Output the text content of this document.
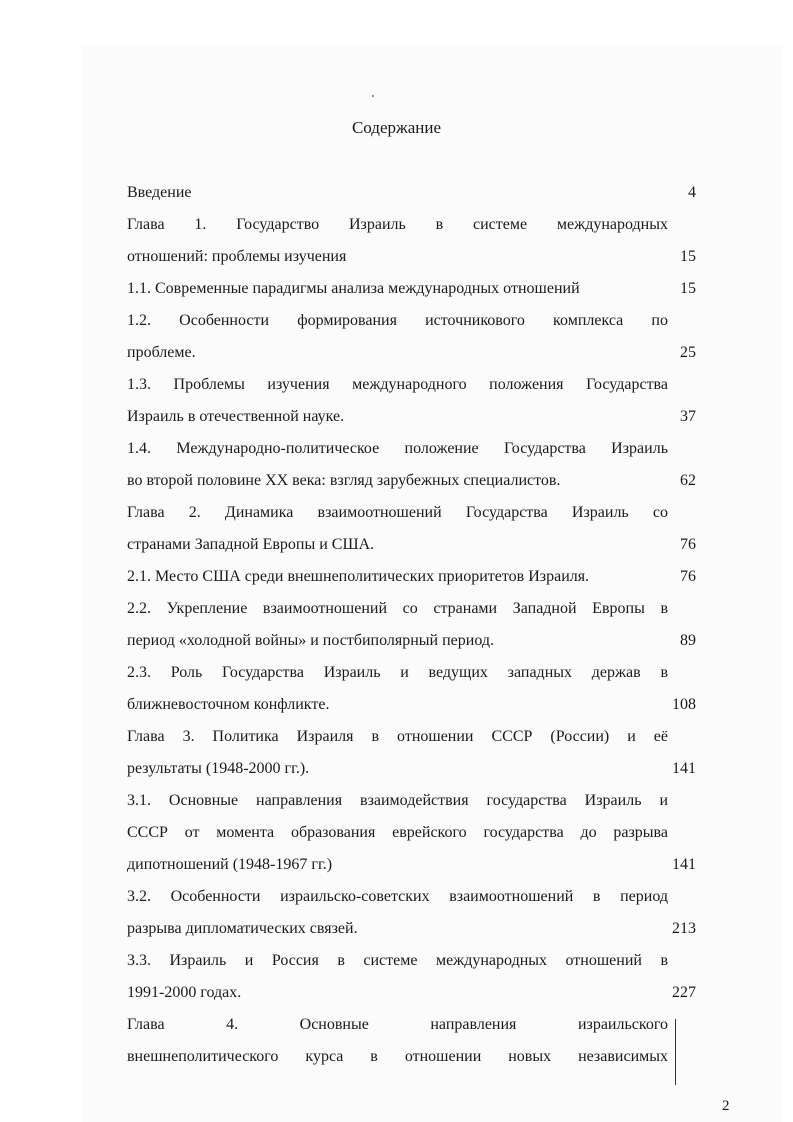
Содержание
Введение	4
Глава 1. Государство Израиль в системе международных
отношений: проблемы изучения	15
1.1. Современные парадигмы анализа международных отношений	15
1.2. Особенности формирования источникового комплекса по
проблеме.	25
1.3. Проблемы изучения международного положения Государства
Израиль в отечественной науке.	37
1.4. Международно-политическое положение Государства Израиль
во второй половине XX века: взгляд зарубежных специалистов.	62
Глава 2. Динамика взаимоотношений Государства Израиль со
странами Западной Европы и США.	76
2.1. Место США среди внешнеполитических приоритетов Израиля.	76
2.2. Укрепление взаимоотношений со странами Западной Европы в
период «холодной войны» и постбиполярный период.	89
2.3. Роль Государства Израиль и ведущих западных держав в
ближневосточном конфликте.	108
Глава 3. Политика Израиля в отношении СССР (России) и её
результаты (1948-2000 гг.).	141
3.1. Основные направления взаимодействия государства Израиль и
СССР от момента образования еврейского государства до разрыва
дипотношений (1948-1967 гг.)	141
3.2. Особенности израильско-советских взаимоотношений в период
разрыва дипломатических связей.	213
3.3. Израиль и Россия в системе международных отношений в
1991-2000 годах.	227
Глава 4. Основные направления израильского
внешнеполитического курса в отношении новых независимых
2
